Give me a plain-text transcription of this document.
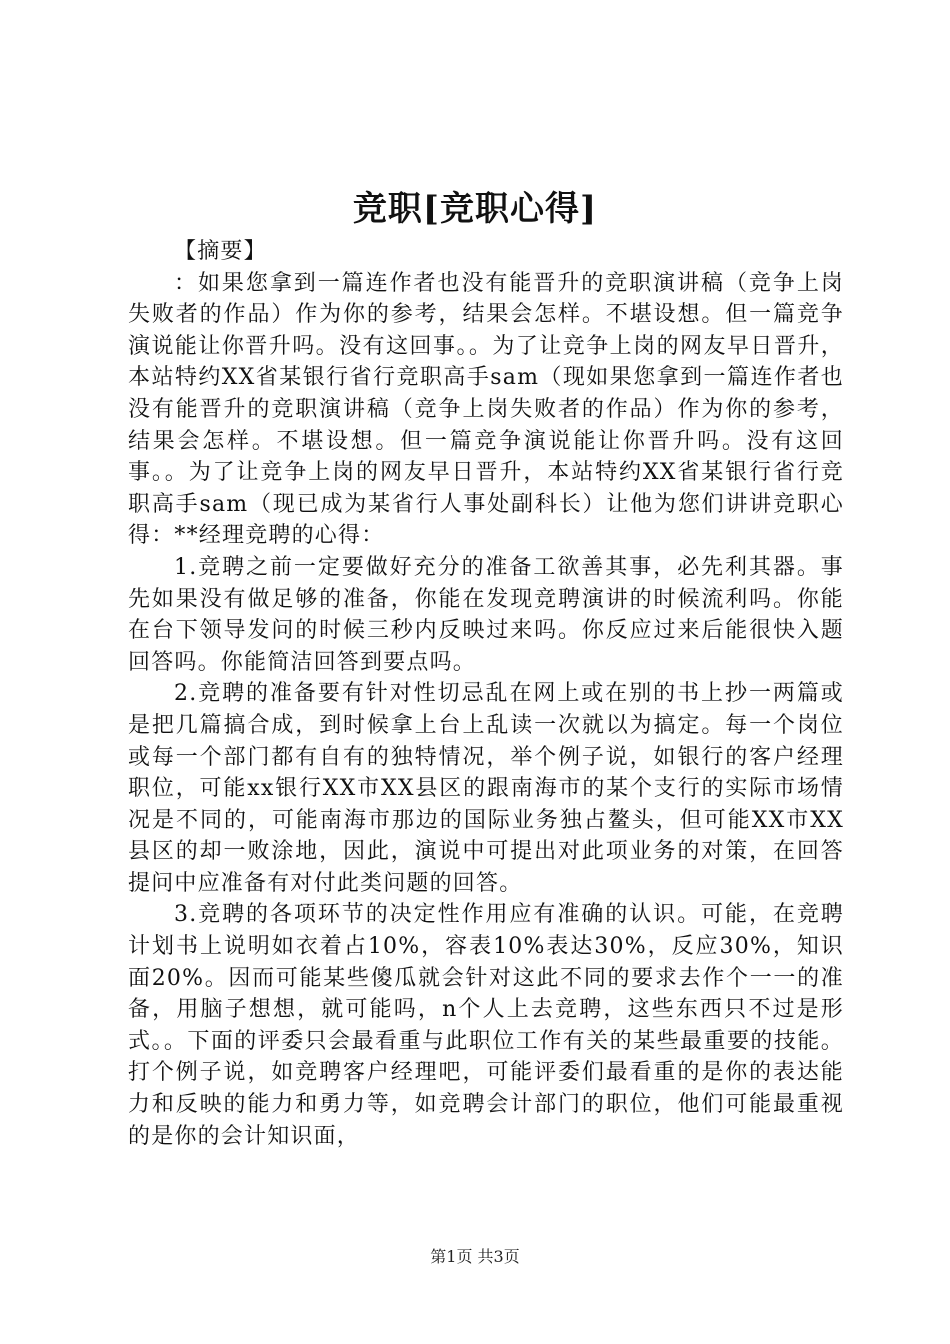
竞职[竞职心得]

【摘要】

：如果您拿到一篇连作者也没有能晋升的竞职演讲稿（竞争上岗失败者的作品）作为你的参考，结果会怎样。不堪设想。但一篇竞争演说能让你晋升吗。没有这回事。。为了让竞争上岗的网友早日晋升，本站特约XX省某银行省行竞职高手sam（现如果您拿到一篇连作者也没有能晋升的竞职演讲稿（竞争上岗失败者的作品）作为你的参考，结果会怎样。不堪设想。但一篇竞争演说能让你晋升吗。没有这回事。。为了让竞争上岗的网友早日晋升，本站特约XX省某银行省行竞职高手sam（现已成为某省行人事处副科长）让他为您们讲讲竞职心得：**经理竞聘的心得：

1.竞聘之前一定要做好充分的准备工欲善其事，必先利其器。事先如果没有做足够的准备，你能在发现竞聘演讲的时候流利吗。你能在台下领导发问的时候三秒内反映过来吗。你反应过来后能很快入题回答吗。你能简洁回答到要点吗。

2.竞聘的准备要有针对性切忌乱在网上或在别的书上抄一两篇或是把几篇搞合成，到时候拿上台上乱读一次就以为搞定。每一个岗位或每一个部门都有自有的独特情况，举个例子说，如银行的客户经理职位，可能xx银行XX市XX县区的跟南海市的某个支行的实际市场情况是不同的，可能南海市那边的国际业务独占鳌头，但可能XX市XX县区的却一败涂地，因此，演说中可提出对此项业务的对策，在回答提问中应准备有对付此类问题的回答。

3.竞聘的各项环节的决定性作用应有准确的认识。可能，在竞聘计划书上说明如衣着占10%，容表10%表达30%，反应30%，知识面20%。因而可能某些傻瓜就会针对这此不同的要求去作个一一的准备，用脑子想想，就可能吗，n个人上去竞聘，这些东西只不过是形式。。下面的评委只会最看重与此职位工作有关的某些最重要的技能。打个例子说，如竞聘客户经理吧，可能评委们最看重的是你的表达能力和反映的能力和勇力等，如竞聘会计部门的职位，他们可能最重视的是你的会计知识面，

第1页 共3页
